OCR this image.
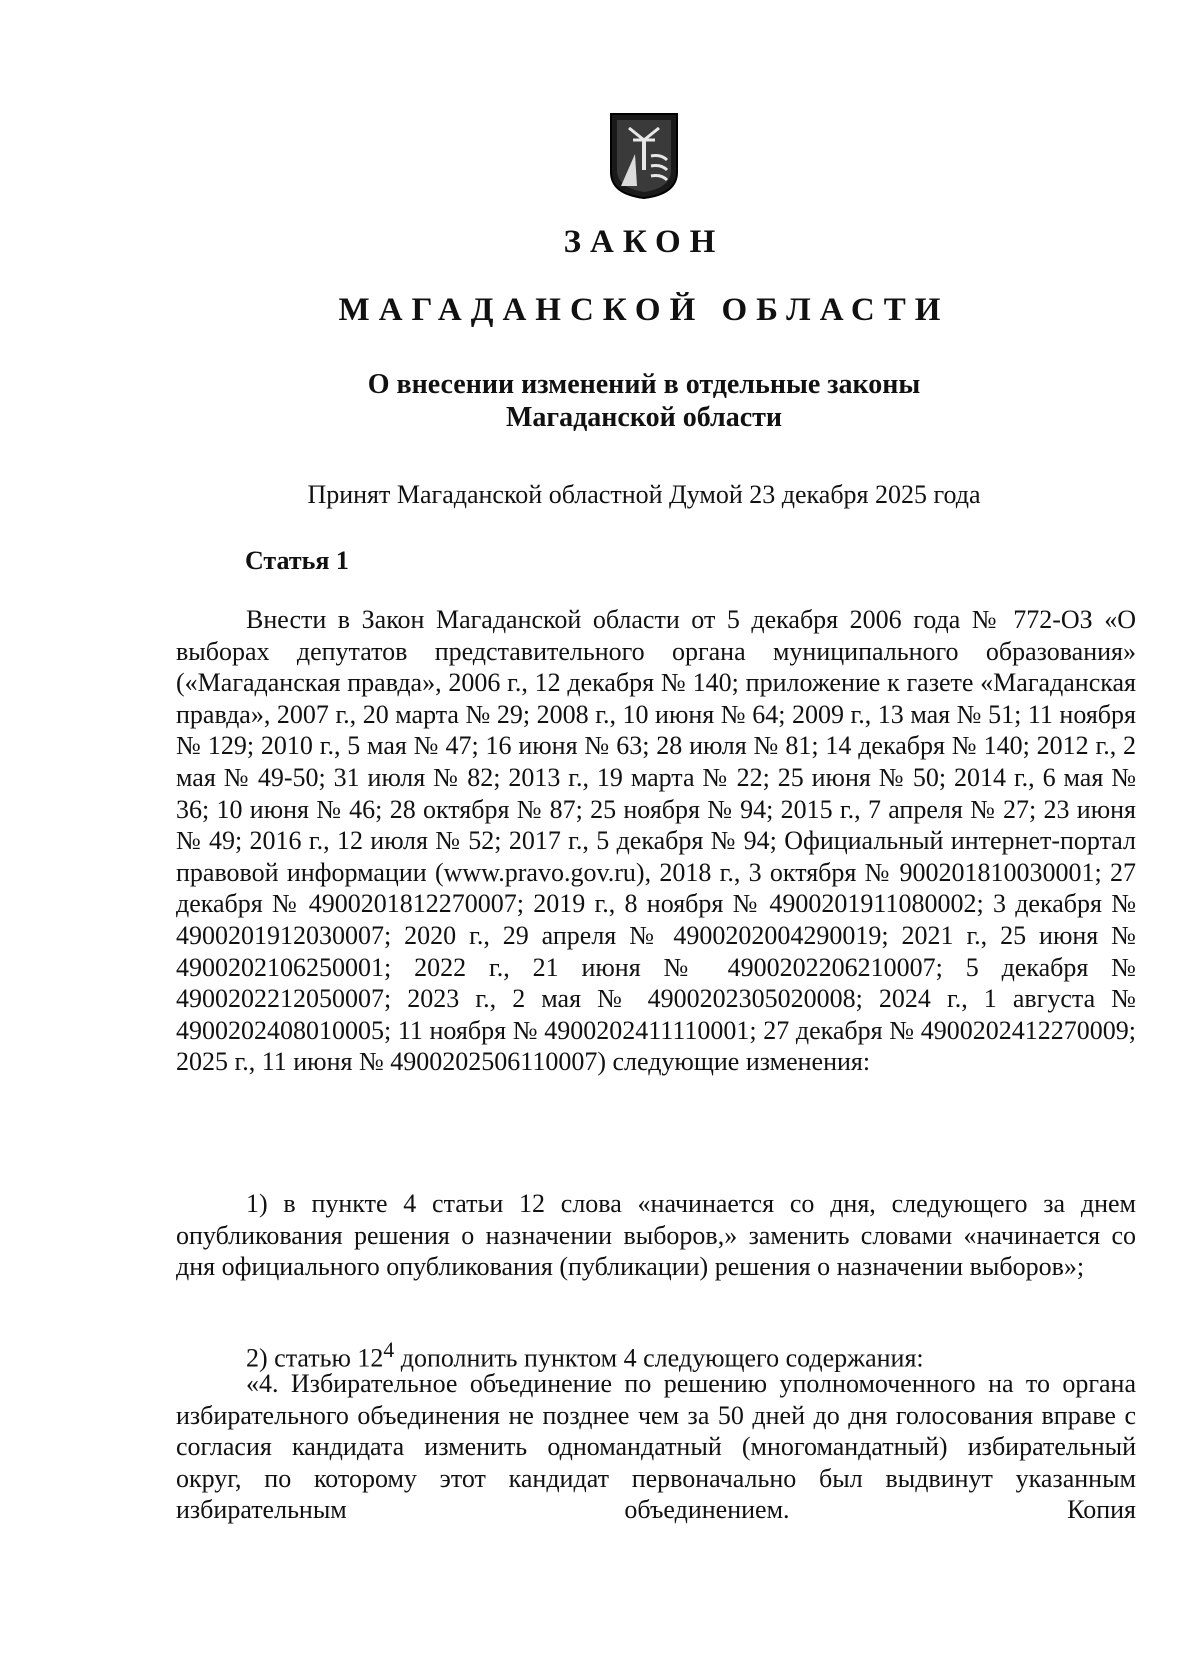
ЗАКОН
МАГАДАНСКОЙ ОБЛАСТИ
О внесении изменений в отдельные законы
Магаданской области
Принят Магаданской областной Думой 23 декабря 2025 года
Статья 1

Внести в Закон Магаданской области от 5 декабря 2006 года № 772-ОЗ «О выборах депутатов представительного органа муниципального образования» («Магаданская правда», 2006 г., 12 декабря № 140; приложение к газете «Магаданская правда», 2007 г., 20 марта № 29; 2008 г., 10 июня № 64; 2009 г., 13 мая № 51; 11 ноября № 129; 2010 г., 5 мая № 47; 16 июня № 63; 28 июля № 81; 14 декабря № 140; 2012 г., 2 мая № 49-50; 31 июля № 82; 2013 г., 19 марта № 22; 25 июня № 50; 2014 г., 6 мая № 36; 10 июня № 46; 28 октября № 87; 25 ноября № 94; 2015 г., 7 апреля № 27; 23 июня № 49; 2016 г., 12 июля № 52; 2017 г., 5 декабря № 94; Официальный интернет-портал правовой информации (www.pravo.gov.ru), 2018 г., 3 октября № 900201810030001; 27 декабря № 4900201812270007; 2019 г., 8 ноября № 4900201911080002; 3 декабря № 4900201912030007; 2020 г., 29 апреля № 4900202004290019; 2021 г., 25 июня № 4900202106250001; 2022 г., 21 июня № 4900202206210007; 5 декабря № 4900202212050007; 2023 г., 2 мая № 4900202305020008; 2024 г., 1 августа № 4900202408010005; 11 ноября № 4900202411110001; 27 декабря № 4900202412270009; 2025 г., 11 июня № 4900202506110007) следующие изменения:

1) в пункте 4 статьи 12 слова «начинается со дня, следующего за днем опубликования решения о назначении выборов,» заменить словами «начинается со дня официального опубликования (публикации) решения о назначении выборов»;

2) статью $12^4$ дополнить пунктом 4 следующего содержания:

«4. Избирательное объединение по решению уполномоченного на то органа избирательного объединения не позднее чем за 50 дней до дня голосования вправе с согласия кандидата изменить одномандатный (многомандатный) избирательный округ, по которому этот кандидат первоначально был выдвинут указанным избирательным объединением. Копия
